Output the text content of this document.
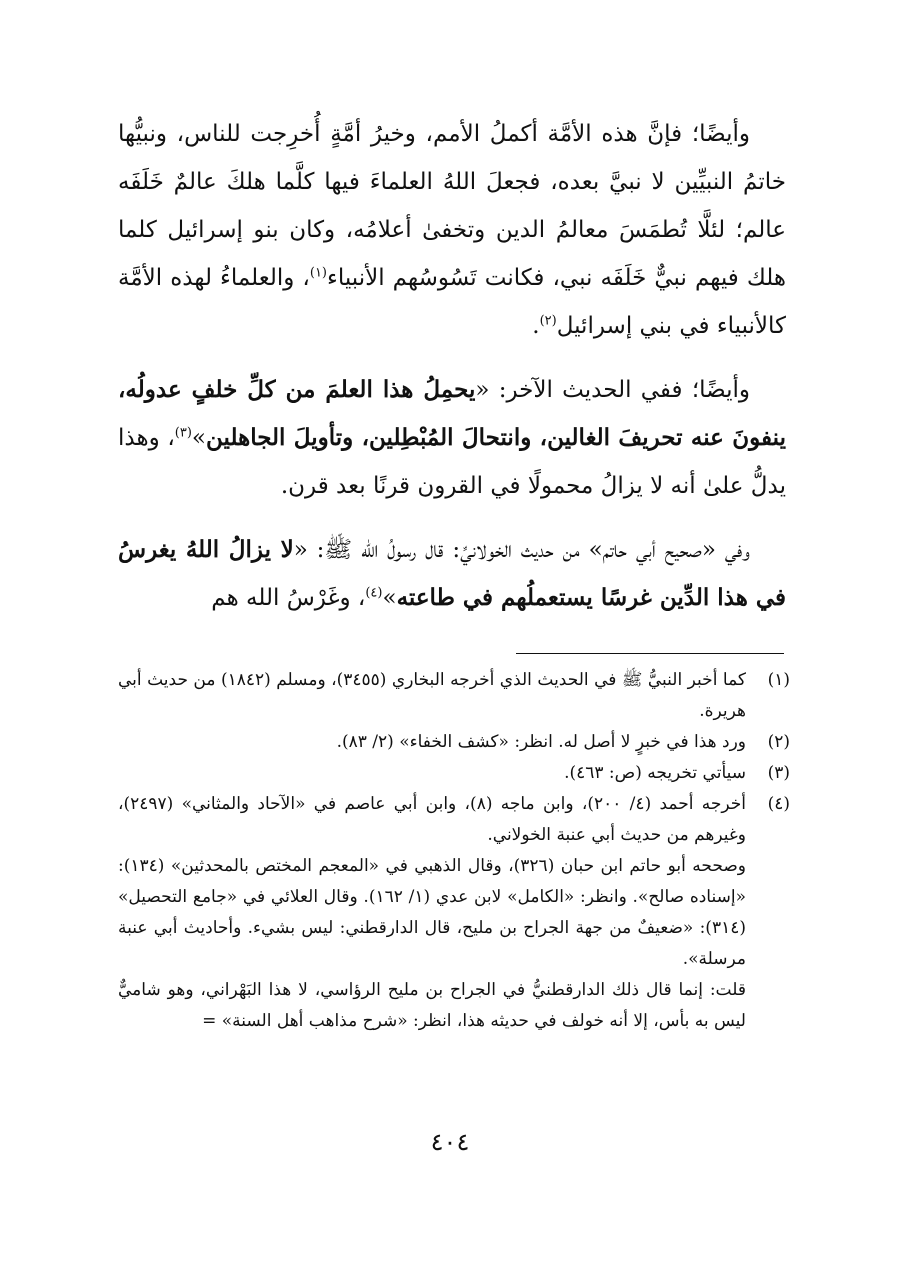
وأيضًا؛ فإنَّ هذه الأمَّة أكملُ الأمم، وخيرُ أمَّةٍ أُخرِجت للناس، ونبيُّها خاتمُ النبيِّين لا نبيَّ بعده، فجعلَ اللهُ العلماءَ فيها كلَّما هلكَ عالمٌ خَلَفَه عالم؛ لئلَّا تُطمَسَ معالمُ الدين وتخفىٰ أعلامُه، وكان بنو إسرائيل كلما هلك فيهم نبيٌّ خَلَفَه نبي، فكانت تَسُوسُهم الأنبياء$^{(١)}$، والعلماءُ لهذه الأمَّة كالأنبياء في بني إسرائيل$^{(٢)}$.

وأيضًا؛ ففي الحديث الآخر: «يحمِلُ هذا العلمَ من كلِّ خلفٍ عدولُه، ينفونَ عنه تحريفَ الغالين، وانتحالَ المُبْطِلين، وتأويلَ الجاهلين»$^{(٣)}$، وهذا يدلُّ علىٰ أنه لا يزالُ محمولًا في القرون قرنًا بعد قرن.

وفي «صحيح أبي حاتم» من حديث الخولانيِّ: قال رسولُ الله ﷺ: «لا يزالُ اللهُ يغرسُ في هذا الدِّين غرسًا يستعملُهم في طاعته»$^{(٤)}$، وغَرْسُ الله هم

(١)
كما أخبر النبيُّ ﷺ في الحديث الذي أخرجه البخاري (٣٤٥٥)، ومسلم (١٨٤٢) من حديث أبي هريرة.
(٢)
ورد هذا في خبرٍ لا أصل له. انظر: «كشف الخفاء» (٢/ ٨٣).
(٣)
سيأتي تخريجه (ص: ٤٦٣).
(٤)
أخرجه أحمد (٤/ ٢٠٠)، وابن ماجه (٨)، وابن أبي عاصم في «الآحاد والمثاني» (٢٤٩٧)، وغيرهم من حديث أبي عنبة الخولاني.
وصححه أبو حاتم ابن حبان (٣٢٦)، وقال الذهبي في «المعجم المختص بالمحدثين» (١٣٤): «إسناده صالح». وانظر: «الكامل» لابن عدي (١/ ١٦٢). وقال العلائي في «جامع التحصيل» (٣١٤): «ضعيفٌ من جهة الجراح بن مليح، قال الدارقطني: ليس بشيء. وأحاديث أبي عنبة مرسلة».
قلت: إنما قال ذلك الدارقطنيُّ في الجراح بن مليح الرؤاسي، لا هذا البَهْراني، وهو شاميٌّ ليس به بأس، إلا أنه خولف في حديثه هذا، انظر: «شرح مذاهب أهل السنة» =
٤٠٤
